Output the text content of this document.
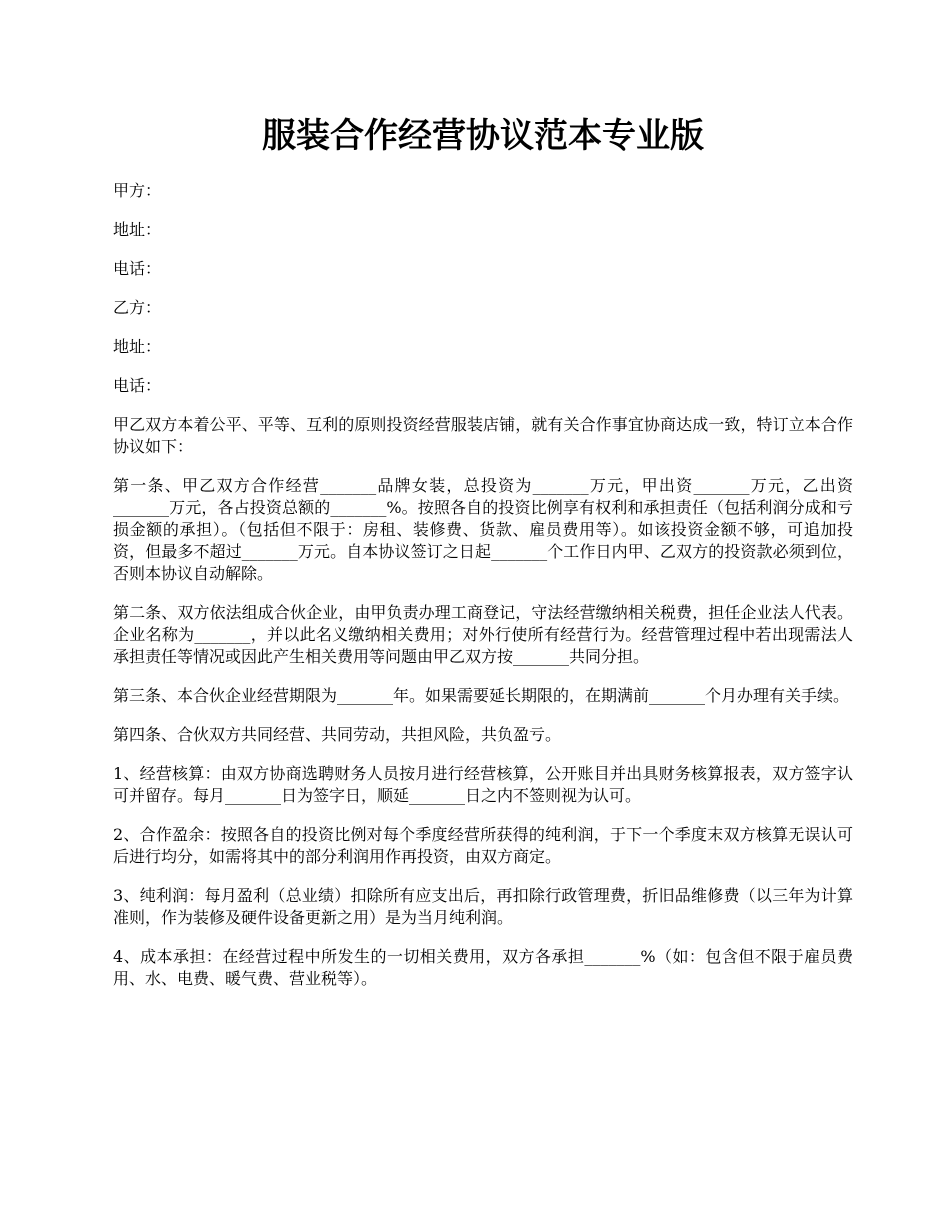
服装合作经营协议范本专业版

甲方：

地址：

电话：

乙方：

地址：

电话：

甲乙双方本着公平、平等、互利的原则投资经营服装店铺，就有关合作事宜协商达成一致，特订立本合作协议如下：

第一条、甲乙双方合作经营_______品牌女装，总投资为_______万元，甲出资_______万元，乙出资_______万元，各占投资总额的_______%。按照各自的投资比例享有权利和承担责任（包括利润分成和亏损金额的承担）。（包括但不限于：房租、装修费、货款、雇员费用等）。如该投资金额不够，可追加投资，但最多不超过_______万元。自本协议签订之日起_______个工作日内甲、乙双方的投资款必须到位，否则本协议自动解除。

第二条、双方依法组成合伙企业，由甲负责办理工商登记，守法经营缴纳相关税费，担任企业法人代表。企业名称为_______，并以此名义缴纳相关费用；对外行使所有经营行为。经营管理过程中若出现需法人承担责任等情况或因此产生相关费用等问题由甲乙双方按_______共同分担。

第三条、本合伙企业经营期限为_______年。如果需要延长期限的，在期满前_______个月办理有关手续。

第四条、合伙双方共同经营、共同劳动，共担风险，共负盈亏。

1、经营核算：由双方协商选聘财务人员按月进行经营核算，公开账目并出具财务核算报表，双方签字认可并留存。每月_______日为签字日，顺延_______日之内不签则视为认可。

2、合作盈余：按照各自的投资比例对每个季度经营所获得的纯利润，于下一个季度末双方核算无误认可后进行均分，如需将其中的部分利润用作再投资，由双方商定。

3、纯利润：每月盈利（总业绩）扣除所有应支出后，再扣除行政管理费，折旧品维修费（以三年为计算准则，作为装修及硬件设备更新之用）是为当月纯利润。

4、成本承担：在经营过程中所发生的一切相关费用，双方各承担_______%（如：包含但不限于雇员费用、水、电费、暖气费、营业税等）。
